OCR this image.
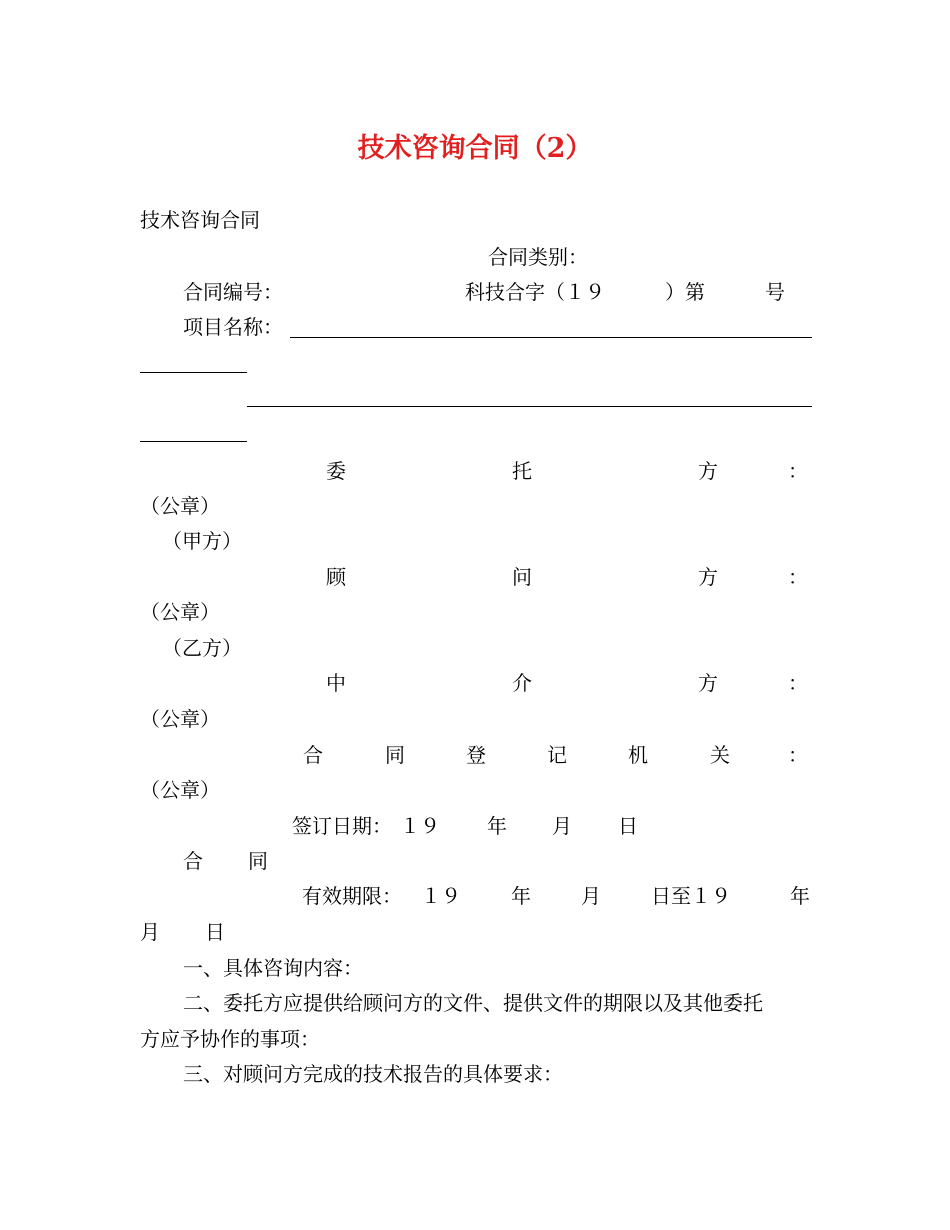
技术咨询合同（2）
技术咨询合同
合同类别：
合同编号：	科技合字（１９　　　）第　　　号
项目名称：
委	托	方	：
（公章）
（甲方）
顾	问	方	：
（公章）
（乙方）
中	介	方	：
（公章）
合	同	登	记	机	关	：
（公章）
签订日期： １９ 年 月 日
合 同
有效期限： １９	年	月	日至１９	年
月 日
一、具体咨询内容：
二、委托方应提供给顾问方的文件、提供文件的期限以及其他委托
方应予协作的事项：
三、对顾问方完成的技术报告的具体要求：
